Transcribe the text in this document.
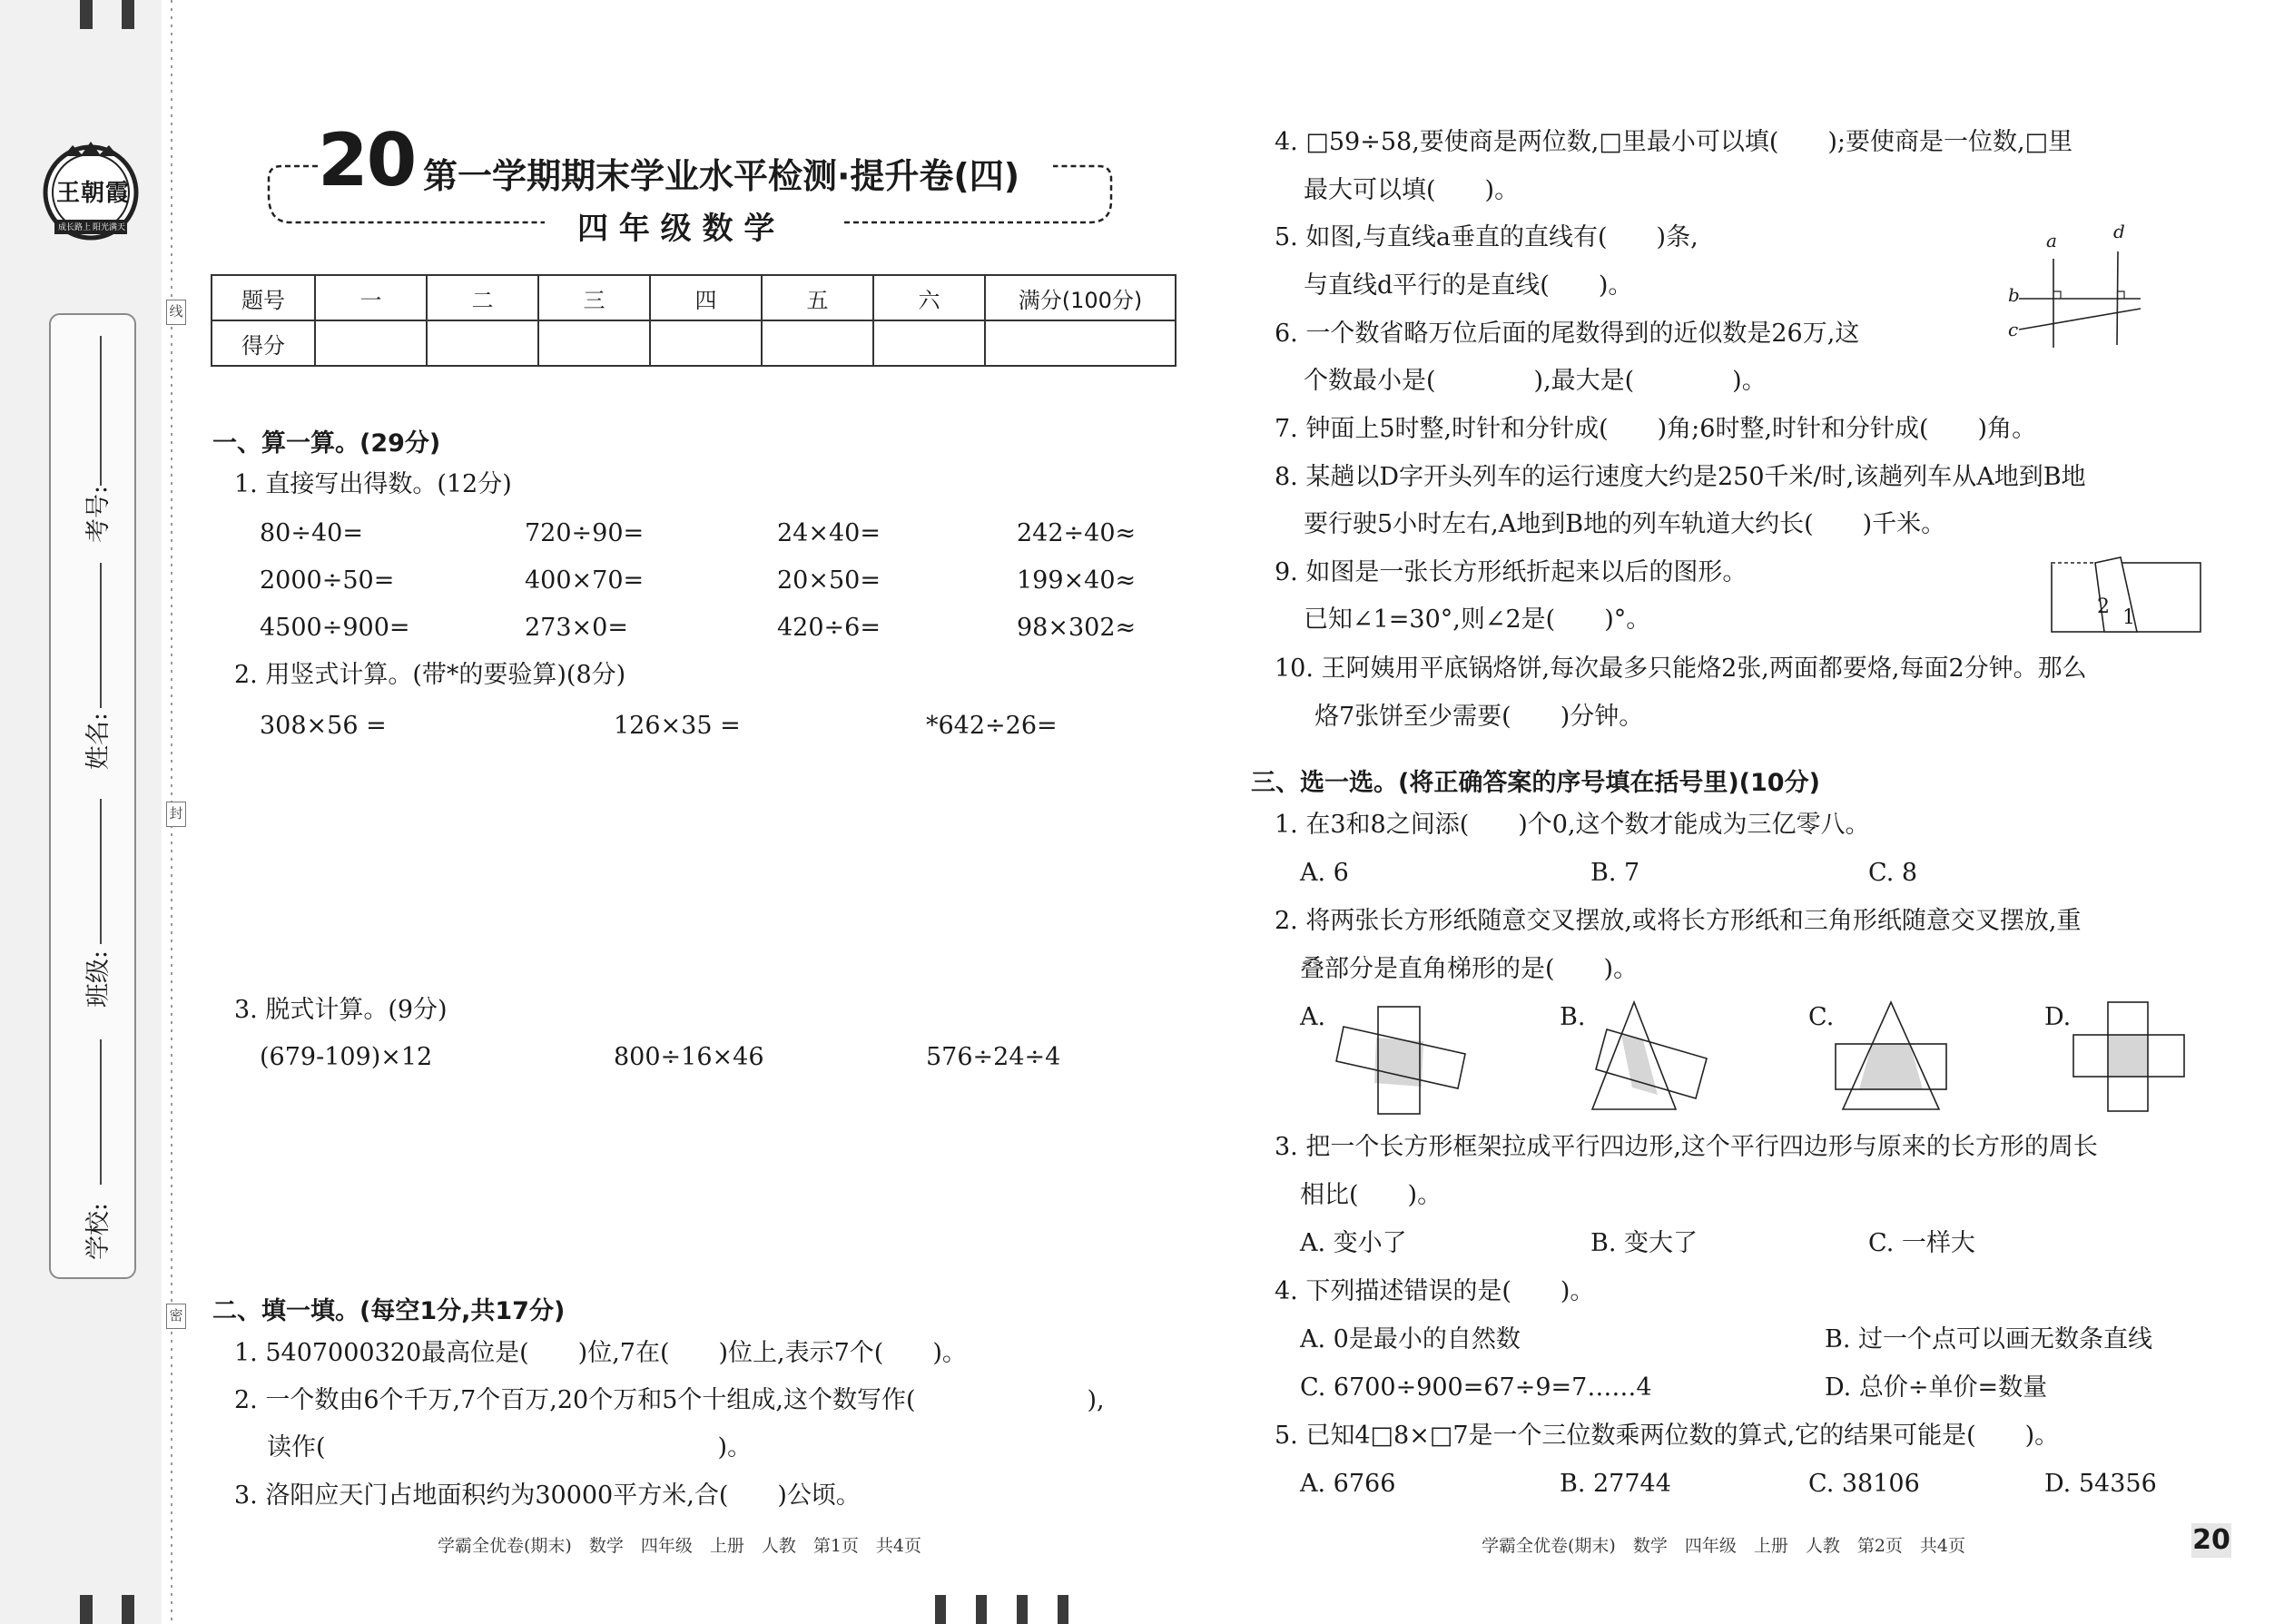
王朝霞
成长路上 阳光满天
考号:
姓名:
班级:
学校:
线
封
密
20 第一学期期末学业水平检测·提升卷(四)
四 年 级 数 学
题号	一	二	三	四	五	六	满分(100分)
得分							
一、算一算。(29分)
1. 直接写出得数。(12分)
80÷40=	720÷90=	24×40=	242÷40≈
2000÷50=	400×70=	20×50=	199×40≈
4500÷900=	273×0=	420÷6=	98×302≈
2. 用竖式计算。(带*的要验算)(8分)
308×56 =	126×35 =	*642÷26=
3. 脱式计算。(9分)
(679-109)×12	800÷16×46	576÷24÷4
二、填一填。(每空1分,共17分)
1. 5407000320最高位是(　　)位,7在(　　)位上,表示7个(　　)。
2. 一个数由6个千万,7个百万,20个万和5个十组成,这个数写作(　　　　　　　),
读作(　　　　　　　　　　　　　　　　)。
3. 洛阳应天门占地面积约为30000平方米,合(　　)公顷。
学霸全优卷(期末)　数学　四年级　上册　人教　第1页　共4页
4. □59÷58,要使商是两位数,□里最小可以填(　　);要使商是一位数,□里
最大可以填(　　)。
5. 如图,与直线a垂直的直线有(　　)条,
与直线d平行的是直线(　　)。
6. 一个数省略万位后面的尾数得到的近似数是26万,这
个数最小是(　　　　),最大是(　　　　)。
7. 钟面上5时整,时针和分针成(　　)角;6时整,时针和分针成(　　)角。
8. 某趟以D字开头列车的运行速度大约是250千米/时,该趟列车从A地到B地
要行驶5小时左右,A地到B地的列车轨道大约长(　　)千米。
9. 如图是一张长方形纸折起来以后的图形。
已知∠1=30°,则∠2是(　　)°。
10. 王阿姨用平底锅烙饼,每次最多只能烙2张,两面都要烙,每面2分钟。那么
烙7张饼至少需要(　　)分钟。
a	d
b
c
2 1
三、选一选。(将正确答案的序号填在括号里)(10分)
1. 在3和8之间添(　　)个0,这个数才能成为三亿零八。
A. 6	B. 7	C. 8
2. 将两张长方形纸随意交叉摆放,或将长方形纸和三角形纸随意交叉摆放,重
叠部分是直角梯形的是(　　)。
A.	B.	C.	D.
3. 把一个长方形框架拉成平行四边形,这个平行四边形与原来的长方形的周长
相比(　　)。
A. 变小了	B. 变大了	C. 一样大
4. 下列描述错误的是(　　)。
A. 0是最小的自然数	B. 过一个点可以画无数条直线
C. 6700÷900=67÷9=7……4	D. 总价÷单价=数量
5. 已知4□8×□7是一个三位数乘两位数的算式,它的结果可能是(　　)。
A. 6766	B. 27744	C. 38106	D. 54356
学霸全优卷(期末)　数学　四年级　上册　人教　第2页　共4页	20
